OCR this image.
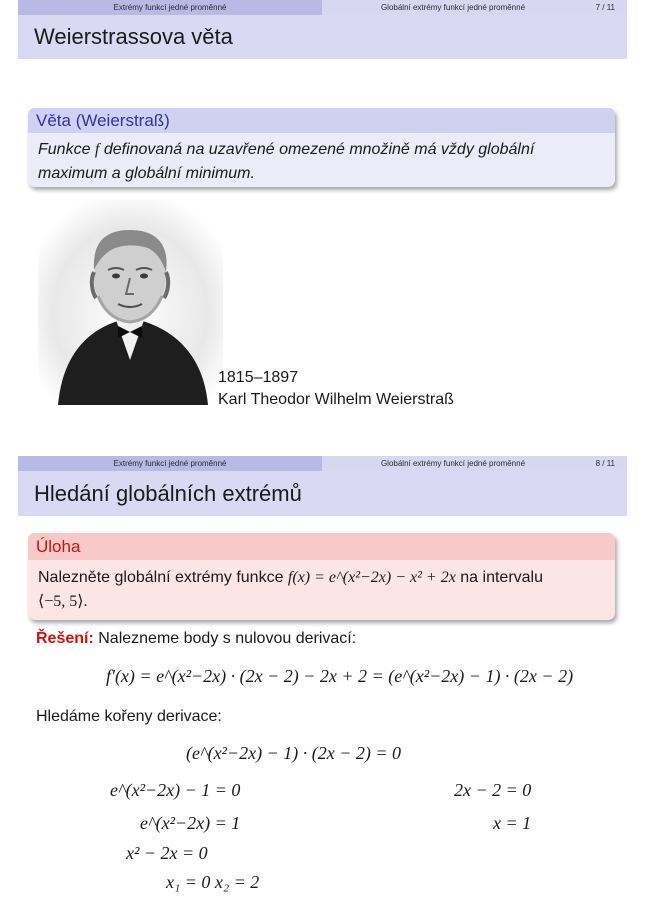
Extrémy funkcí jedné proměnné	Globální extrémy funkcí jedné proměnné	7 / 11
Weierstrassova věta
Věta (Weierstraß)
Funkce f definovaná na uzavřené omezené množině má vždy globální maximum a globální minimum.
1815–1897
Karl Theodor Wilhelm Weierstraß
Extrémy funkcí jedné proměnné	Globální extrémy funkcí jedné proměnné	8 / 11
Hledání globálních extrémů
Úloha
Nalezněte globální extrémy funkce f(x) = e^(x²−2x) − x² + 2x na intervalu
⟨−5, 5⟩.
Řešení: Nalezneme body s nulovou derivací:
f′(x) = e^(x²−2x) · (2x − 2) − 2x + 2 = (e^(x²−2x) − 1) · (2x − 2)
Hledáme kořeny derivace:
(e^(x²−2x) − 1) · (2x − 2) = 0
e^(x²−2x) − 1 = 0
e^(x²−2x) = 1
x² − 2x = 0
x₁ = 0 x₂ = 2
2x − 2 = 0
x = 1
